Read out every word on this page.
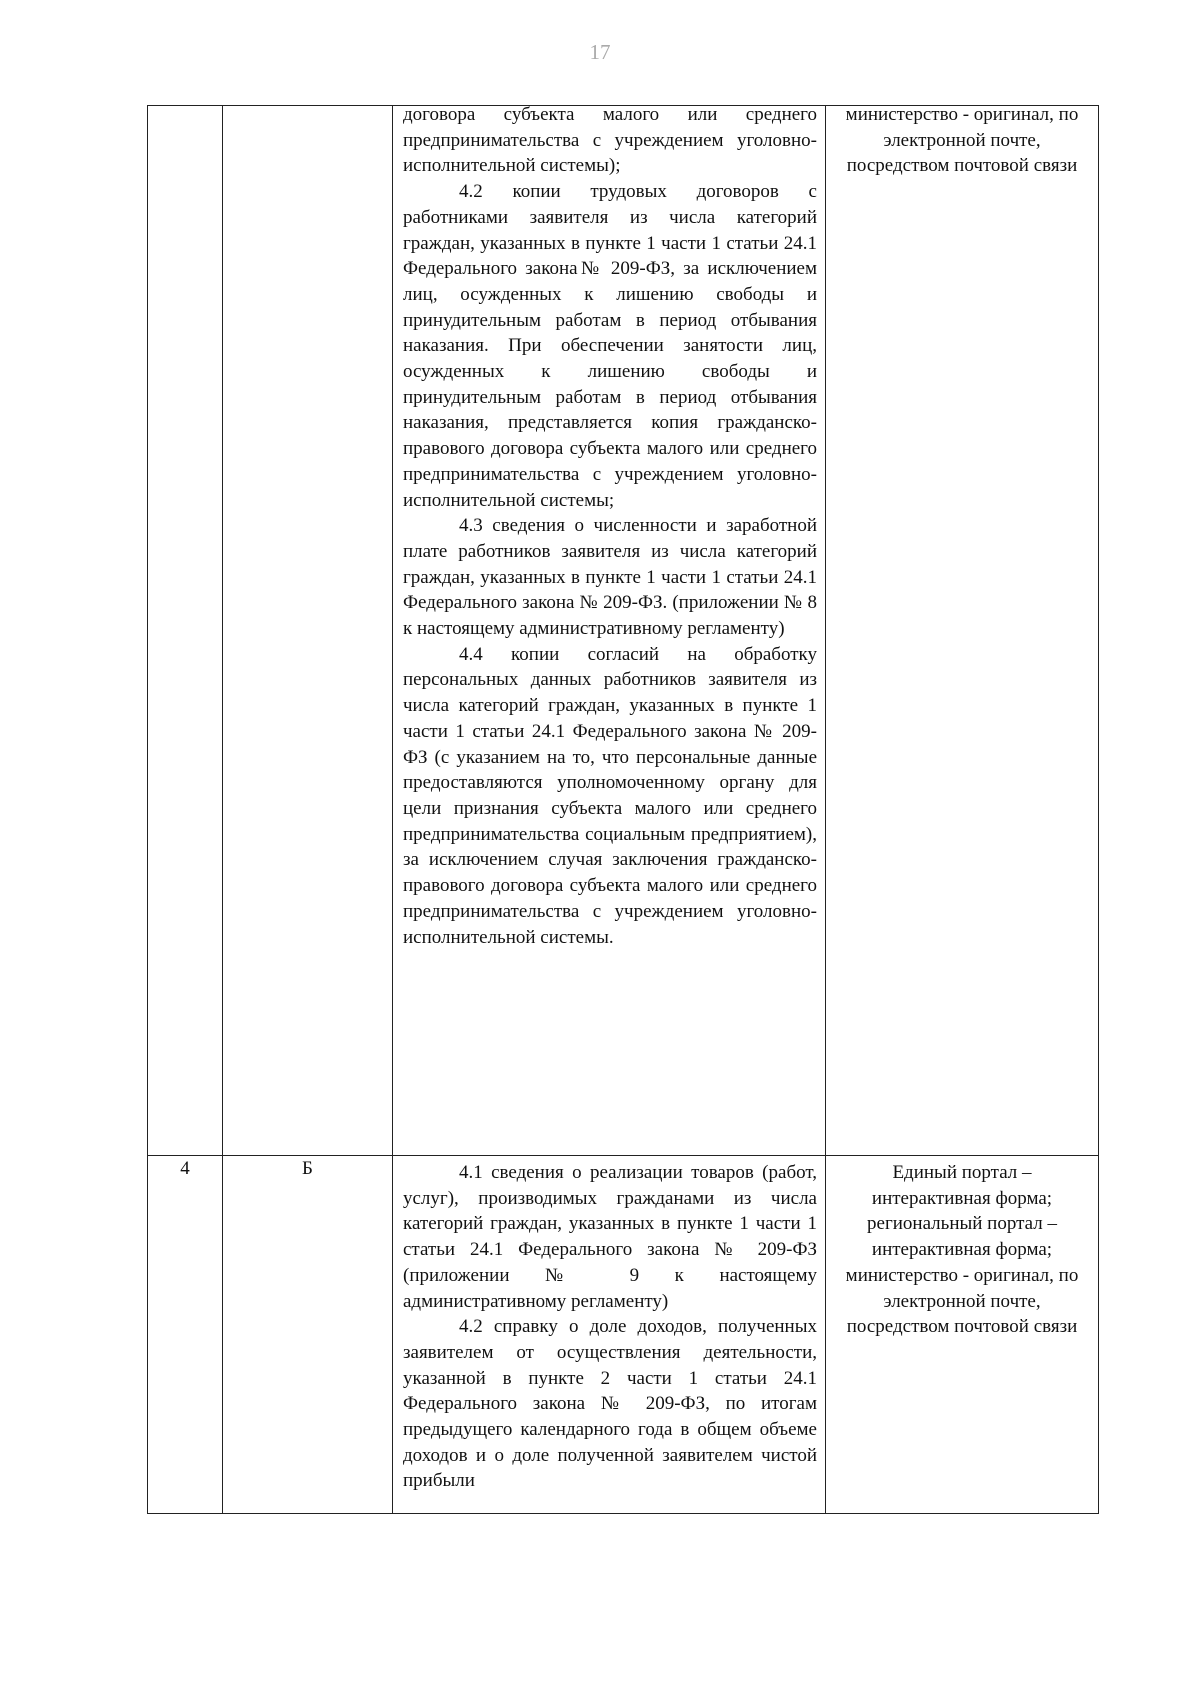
17

		договора субъекта малого или среднего предпринимательства с учреждением уголовно-исполнительной системы);

4.2 копии трудовых договоров с работниками заявителя из числа категорий граждан, указанных в пункте 1 части 1 статьи 24.1 Федерального закона№ 209-ФЗ, за исключением лиц, осужденных к лишению свободы и принудительным работам в период отбывания наказания. При обеспечении занятости лиц, осужденных к лишению свободы и принудительным работам в период отбывания наказания, представляется копия гражданско-правового договора субъекта малого или среднего предпринимательства с учреждением уголовно-исполнительной системы;

4.3 сведения о численности и заработной плате работников заявителя из числа категорий граждан, указанных в пункте 1 части 1 статьи 24.1 Федерального закона № 209-ФЗ. (приложении № 8 к настоящему административному регламенту)

4.4 копии согласий на обработку персональных данных работников заявителя из числа категорий граждан, указанных в пункте 1 части 1 статьи 24.1 Федерального закона № 209-ФЗ (с указанием на то, что персональные данные предоставляются уполномоченному органу для цели признания субъекта малого или среднего предпринимательства социальным предприятием), за исключением случая заключения гражданско-правового договора субъекта малого или среднего предпринимательства с учреждением уголовно-исполнительной системы.	министерство - оригинал, по электронной почте, посредством почтовой связи

4	Б	4.1 сведения о реализации товаров (работ, услуг), производимых гражданами из числа категорий граждан, указанных в пункте 1 части 1 статьи 24.1 Федерального закона № 209-ФЗ (приложении № 9 к настоящему административному регламенту)

4.2 справку о доле доходов, полученных заявителем от осуществления деятельности, указанной в пункте 2 части 1 статьи 24.1 Федерального закона № 209-ФЗ, по итогам предыдущего календарного года в общем объеме доходов и о доле полученной заявителем чистой прибыли	Единый портал – интерактивная форма; региональный портал – интерактивная форма; министерство - оригинал, по электронной почте, посредством почтовой связи
